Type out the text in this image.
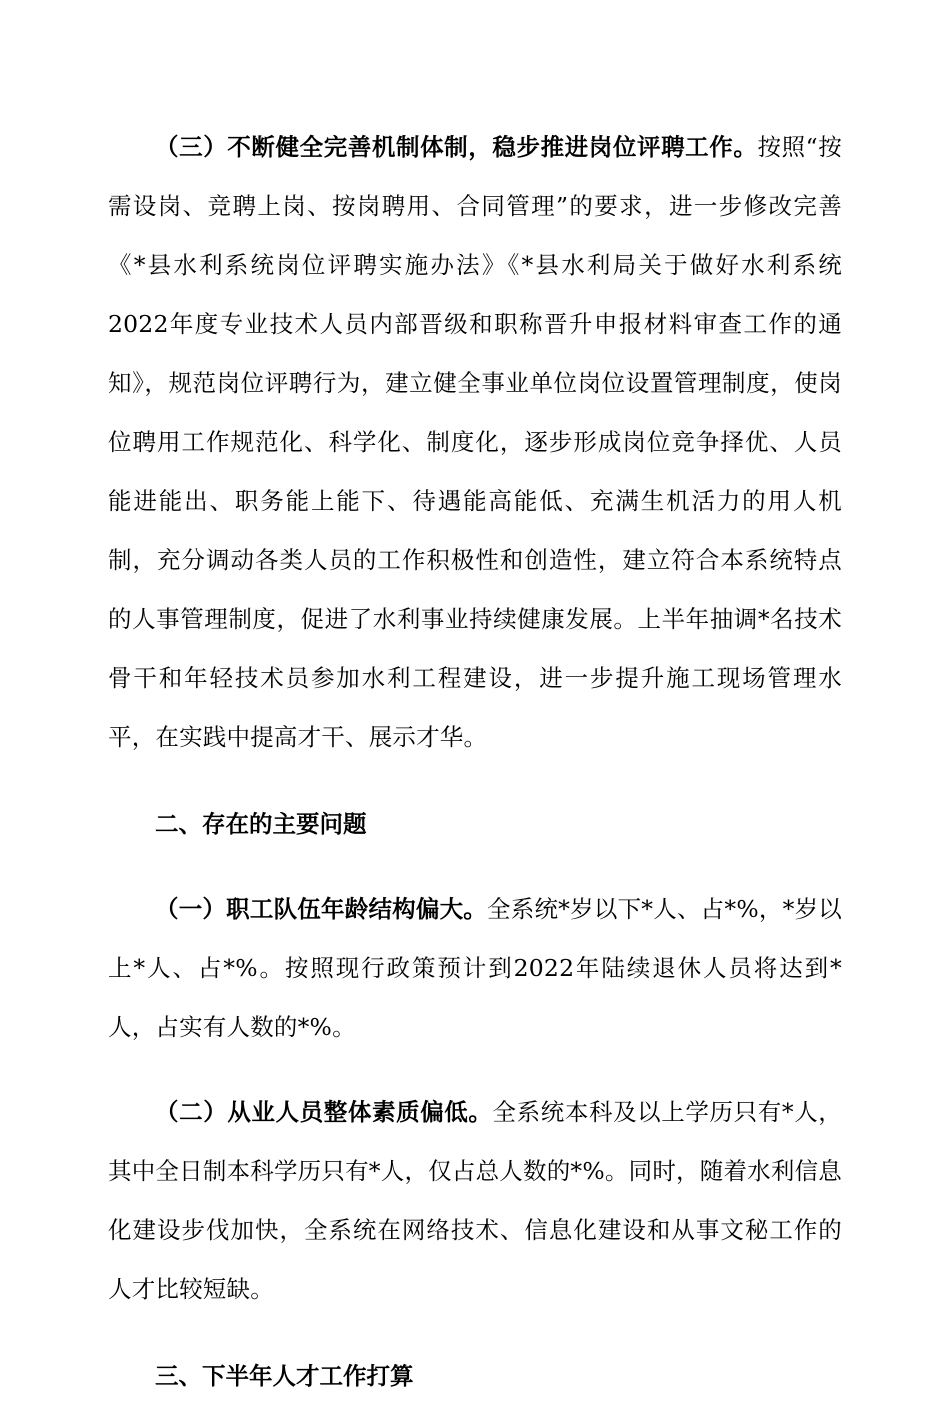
（三）不断健全完善机制体制，稳步推进岗位评聘工作。按照“按需设岗、竞聘上岗、按岗聘用、合同管理”的要求，进一步修改完善《*县水利系统岗位评聘实施办法》《*县水利局关于做好水利系统2022年度专业技术人员内部晋级和职称晋升申报材料审查工作的通知》，规范岗位评聘行为，建立健全事业单位岗位设置管理制度，使岗位聘用工作规范化、科学化、制度化，逐步形成岗位竞争择优、人员能进能出、职务能上能下、待遇能高能低、充满生机活力的用人机制，充分调动各类人员的工作积极性和创造性，建立符合本系统特点的人事管理制度，促进了水利事业持续健康发展。上半年抽调*名技术骨干和年轻技术员参加水利工程建设，进一步提升施工现场管理水平，在实践中提高才干、展示才华。

二、存在的主要问题

（一）职工队伍年龄结构偏大。全系统*岁以下*人、占*%，*岁以上*人、占*%。按照现行政策预计到2022年陆续退休人员将达到*人，占实有人数的*%。

（二）从业人员整体素质偏低。全系统本科及以上学历只有*人，其中全日制本科学历只有*人，仅占总人数的*%。同时，随着水利信息化建设步伐加快，全系统在网络技术、信息化建设和从事文秘工作的人才比较短缺。

三、下半年人才工作打算
